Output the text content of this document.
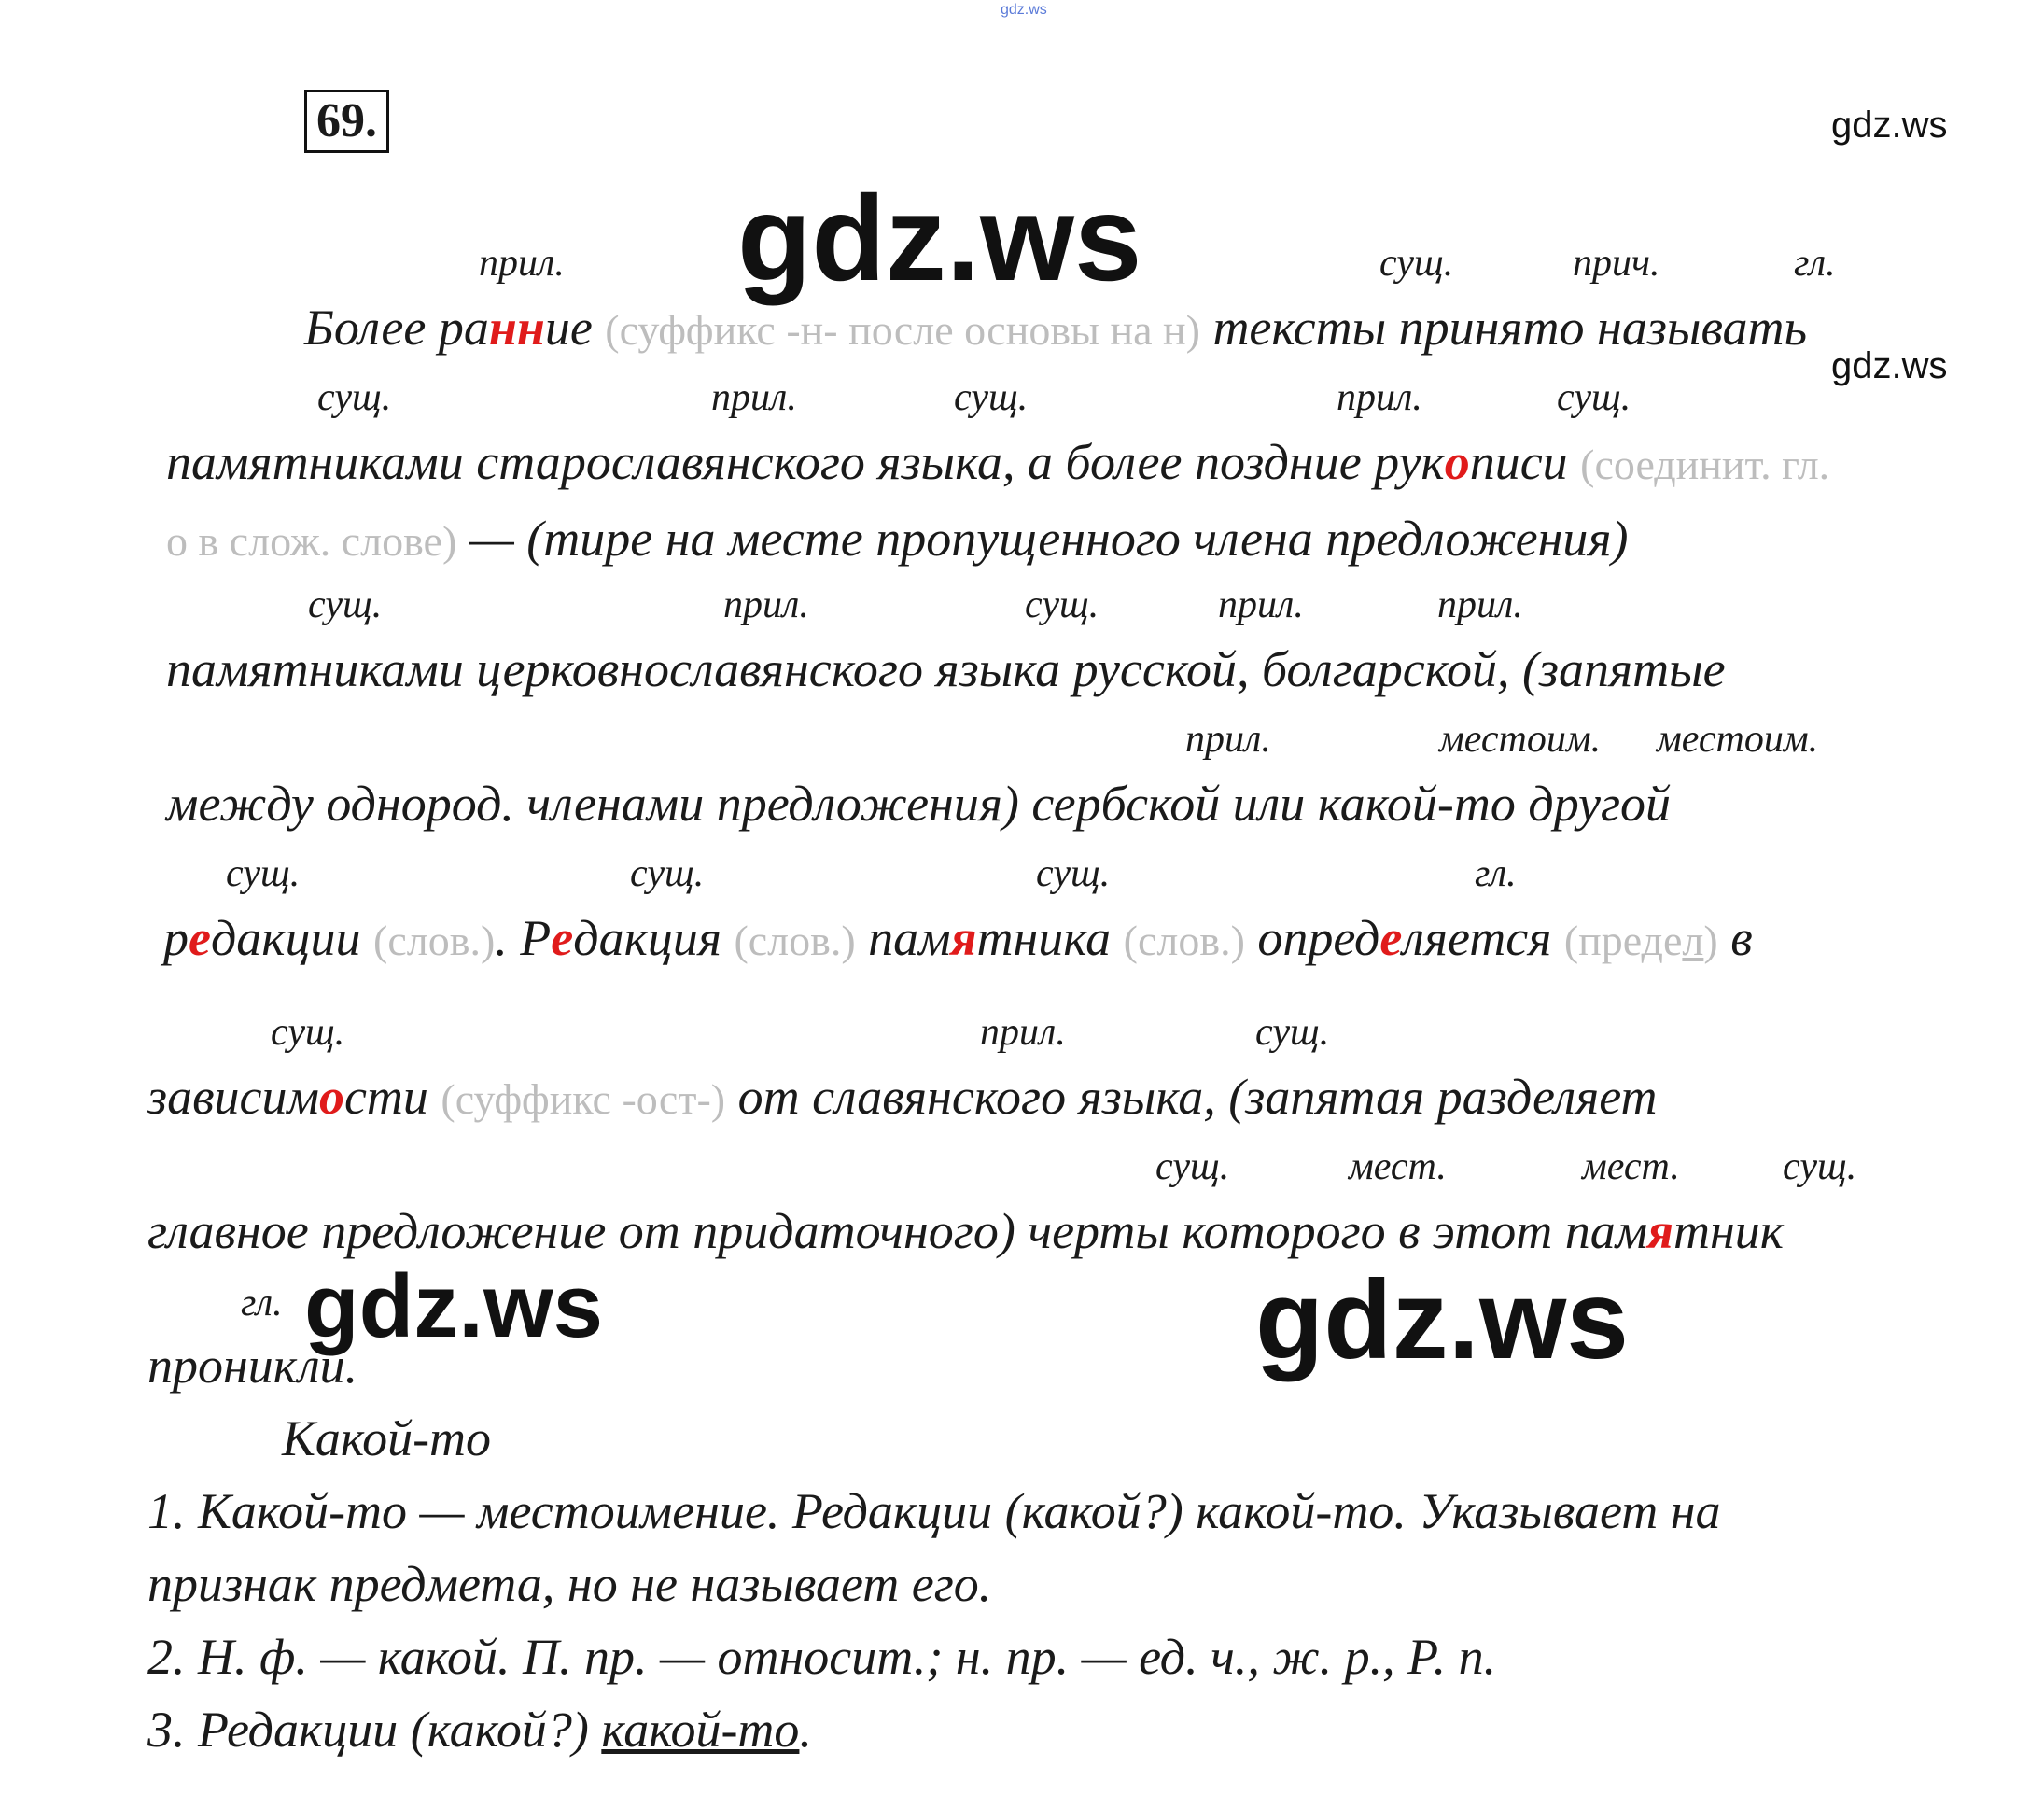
gdz.ws
69.	gdz.ws
gdz.ws
gdz.ws
gdz.ws	gdz.ws
прил.	сущ.	прич.	гл.
Более ранние (суффикс -н- после основы на н) тексты принято называть
сущ.	прил.	сущ.	прил.	сущ.
памятниками старославянского языка, а более поздние рукописи (соединит. гл.
о в слож. слове) — (тире на месте пропущенного члена предложения)
сущ.	прил.	сущ.	прил.	прил.
памятниками церковнославянского языка русской, болгарской, (запятые
прил.	местоим. местоим.
между однород. членами предложения) сербской или какой-то другой
сущ.	сущ.	сущ.	гл.
редакции (слов.). Редакция (слов.) памятника (слов.) определяется (предел) в
сущ.	прил.	сущ.
зависимости (суффикс -ост-) от славянского языка, (запятая разделяет
сущ.	мест.	мест.	сущ.
главное предложение от придаточного) черты которого в этот памятник
гл.
проникли.
Какой-то
1. Какой-то — местоимение. Редакции (какой?) какой-то. Указывает на
признак предмета, но не называет его.
2. Н. ф. — какой. П. пр. — относит.; н. пр. — ед. ч., ж. р., Р. п.
3. Редакции (какой?) какой-то.
